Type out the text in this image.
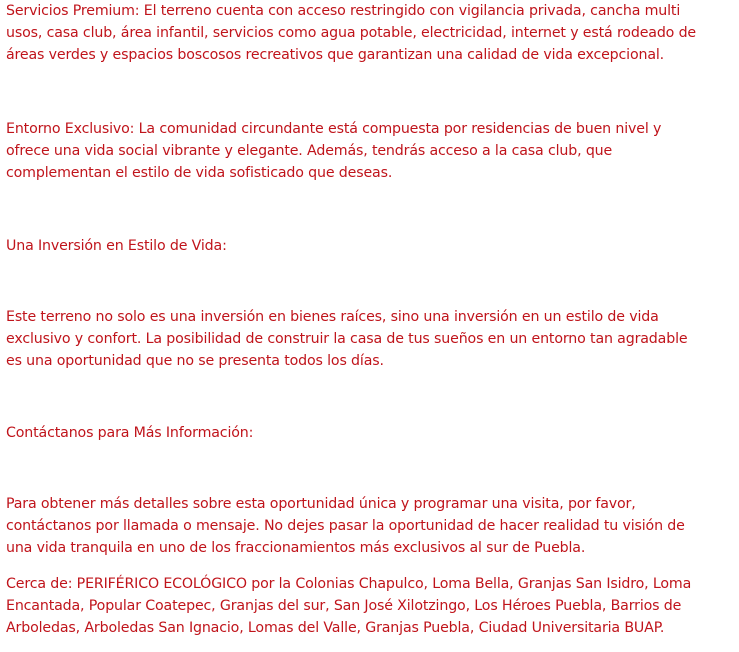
Servicios Premium: El terreno cuenta con acceso restringido con vigilancia privada, cancha multi
usos, casa club, área infantil, servicios como agua potable, electricidad, internet y está rodeado de
áreas verdes y espacios boscosos recreativos que garantizan una calidad de vida excepcional.

Entorno Exclusivo: La comunidad circundante está compuesta por residencias de buen nivel y
ofrece una vida social vibrante y elegante. Además, tendrás acceso a la casa club, que
complementan el estilo de vida sofisticado que deseas.

Una Inversión en Estilo de Vida:

Este terreno no solo es una inversión en bienes raíces, sino una inversión en un estilo de vida
exclusivo y confort. La posibilidad de construir la casa de tus sueños en un entorno tan agradable
es una oportunidad que no se presenta todos los días.

Contáctanos para Más Información:

Para obtener más detalles sobre esta oportunidad única y programar una visita, por favor,
contáctanos por llamada o mensaje. No dejes pasar la oportunidad de hacer realidad tu visión de
una vida tranquila en uno de los fraccionamientos más exclusivos al sur de Puebla.

Cerca de: PERIFÉRICO ECOLÓGICO por la Colonias Chapulco, Loma Bella, Granjas San Isidro, Loma
Encantada, Popular Coatepec, Granjas del sur, San José Xilotzingo, Los Héroes Puebla, Barrios de
Arboledas, Arboledas San Ignacio, Lomas del Valle, Granjas Puebla, Ciudad Universitaria BUAP.
